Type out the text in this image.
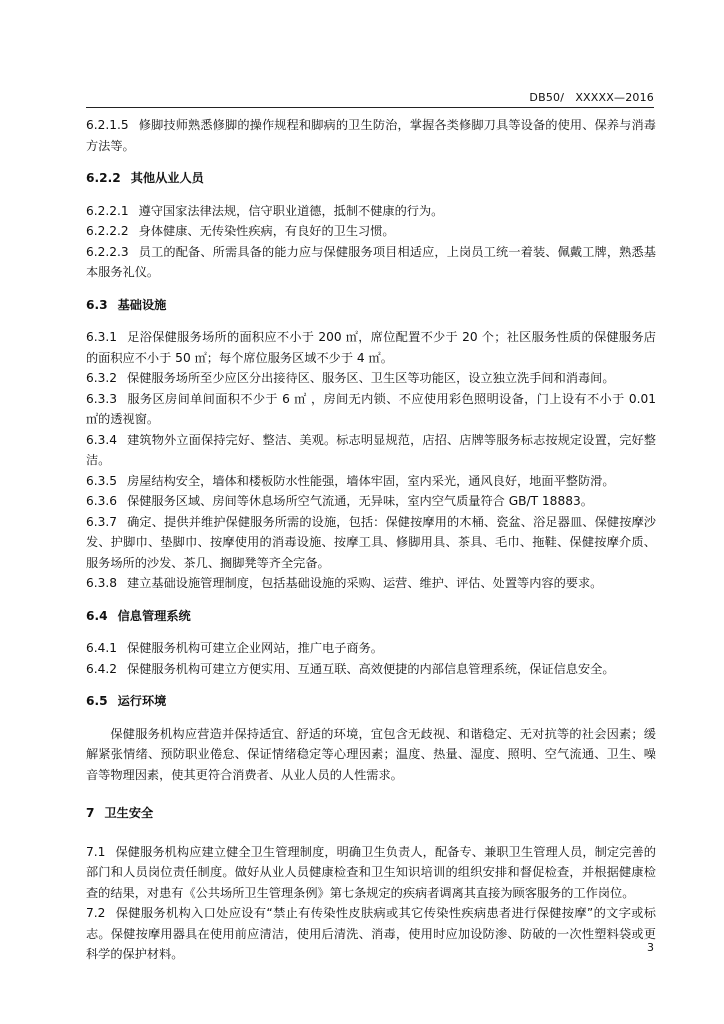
DB50/　XXXXX—2016

6.2.1.5 修脚技师熟悉修脚的操作规程和脚病的卫生防治，掌握各类修脚刀具等设备的使用、保养与消毒方法等。

6.2.2 其他从业人员

6.2.2.1 遵守国家法律法规，信守职业道德，抵制不健康的行为。

6.2.2.2 身体健康、无传染性疾病，有良好的卫生习惯。

6.2.2.3 员工的配备、所需具备的能力应与保健服务项目相适应，上岗员工统一着装、佩戴工牌，熟悉基本服务礼仪。

6.3 基础设施

6.3.1 足浴保健服务场所的面积应不小于 200 ㎡，席位配置不少于 20 个；社区服务性质的保健服务店的面积应不小于 50 ㎡；每个席位服务区域不少于 4 ㎡。

6.3.2 保健服务场所至少应区分出接待区、服务区、卫生区等功能区，设立独立洗手间和消毒间。

6.3.3 服务区房间单间面积不少于 6 ㎡ ，房间无内锁、不应使用彩色照明设备，门上设有不小于 0.01 ㎡的透视窗。

6.3.4 建筑物外立面保持完好、整洁、美观。标志明显规范，店招、店牌等服务标志按规定设置，完好整洁。

6.3.5 房屋结构安全，墙体和楼板防水性能强，墙体牢固，室内采光，通风良好，地面平整防滑。

6.3.6 保健服务区域、房间等休息场所空气流通，无异味，室内空气质量符合 GB/T 18883。

6.3.7 确定、提供并维护保健服务所需的设施，包括：保健按摩用的木桶、瓷盆、浴足器皿、保健按摩沙发、护脚巾、垫脚巾、按摩使用的消毒设施、按摩工具、修脚用具、茶具、毛巾、拖鞋、保健按摩介质、服务场所的沙发、茶几、搁脚凳等齐全完备。

6.3.8 建立基础设施管理制度，包括基础设施的采购、运营、维护、评估、处置等内容的要求。

6.4 信息管理系统

6.4.1 保健服务机构可建立企业网站，推广电子商务。

6.4.2 保健服务机构可建立方便实用、互通互联、高效便捷的内部信息管理系统，保证信息安全。

6.5 运行环境

保健服务机构应营造并保持适宜、舒适的环境，宜包含无歧视、和谐稳定、无对抗等的社会因素；缓解紧张情绪、预防职业倦怠、保证情绪稳定等心理因素；温度、热量、湿度、照明、空气流通、卫生、噪音等物理因素，使其更符合消费者、从业人员的人性需求。

7 卫生安全

7.1 保健服务机构应建立健全卫生管理制度，明确卫生负责人，配备专、兼职卫生管理人员，制定完善的部门和人员岗位责任制度。做好从业人员健康检查和卫生知识培训的组织安排和督促检查，并根据健康检查的结果，对患有《公共场所卫生管理条例》第七条规定的疾病者调离其直接为顾客服务的工作岗位。

7.2 保健服务机构入口处应设有“禁止有传染性皮肤病或其它传染性疾病患者进行保健按摩”的文字或标志。保健按摩用器具在使用前应清洁，使用后清洗、消毒，使用时应加设防渗、防破的一次性塑料袋或更科学的保护材料。	3
